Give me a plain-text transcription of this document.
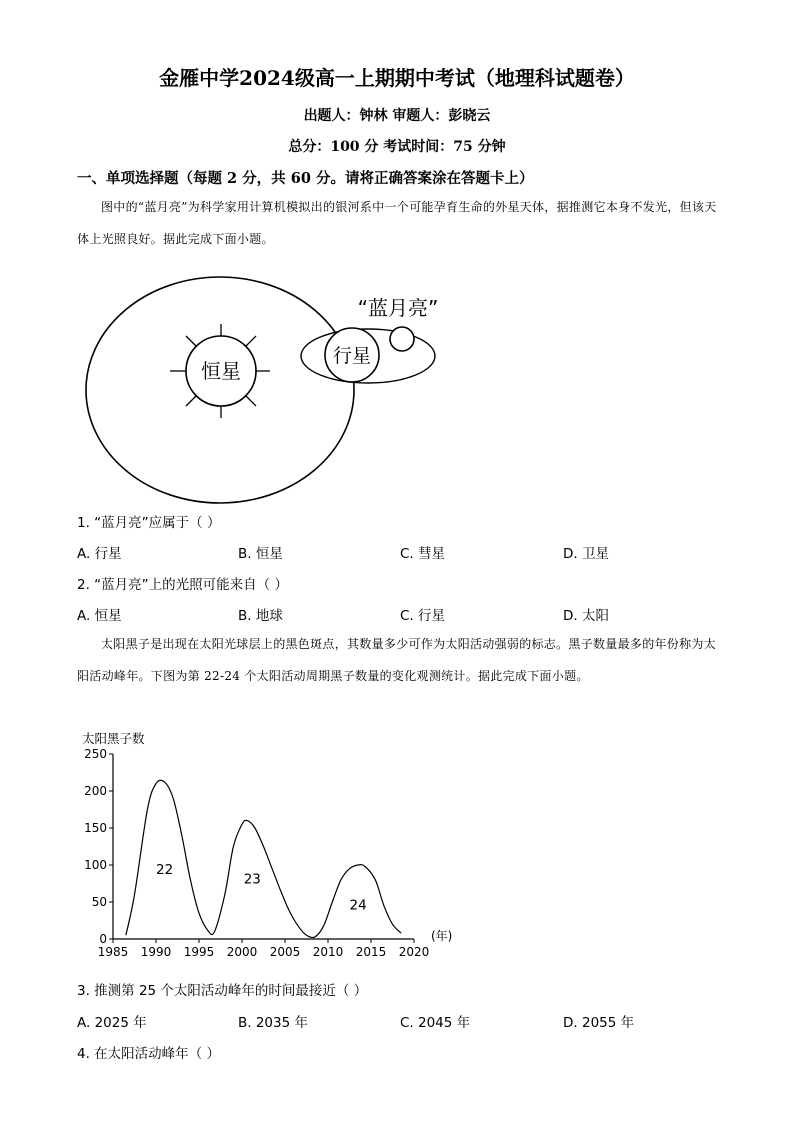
金雁中学2024级高一上期期中考试（地理科试题卷）
出题人：钟林 审题人：彭晓云
总分：100 分 考试时间：75 分钟
一、单项选择题（每题 2 分，共 60 分。请将正确答案涂在答题卡上）
图中的“蓝月亮”为科学家用计算机模拟出的银河系中一个可能孕育生命的外星天体，据推测它本身不发光，但该天体上光照良好。据此完成下面小题。
恒星
行星
“蓝月亮”
1. “蓝月亮”应属于（ ）
A. 行星	B. 恒星	C. 彗星	D. 卫星
2. “蓝月亮”上的光照可能来自（ ）
A. 恒星	B. 地球	C. 行星	D. 太阳
太阳黑子是出现在太阳光球层上的黑色斑点，其数量多少可作为太阳活动强弱的标志。黑子数量最多的年份称为太阳活动峰年。下图为第 22-24 个太阳活动周期黑子数量的变化观测统计。据此完成下面小题。
太阳黑子数
1985 1990 1995 2000 2005 2010 2015 2020
0
50
100
150
200
250
22
23
24
(年)
3. 推测第 25 个太阳活动峰年的时间最接近（ ）
A. 2025 年	B. 2035 年	C. 2045 年	D. 2055 年
4. 在太阳活动峰年（ ）
